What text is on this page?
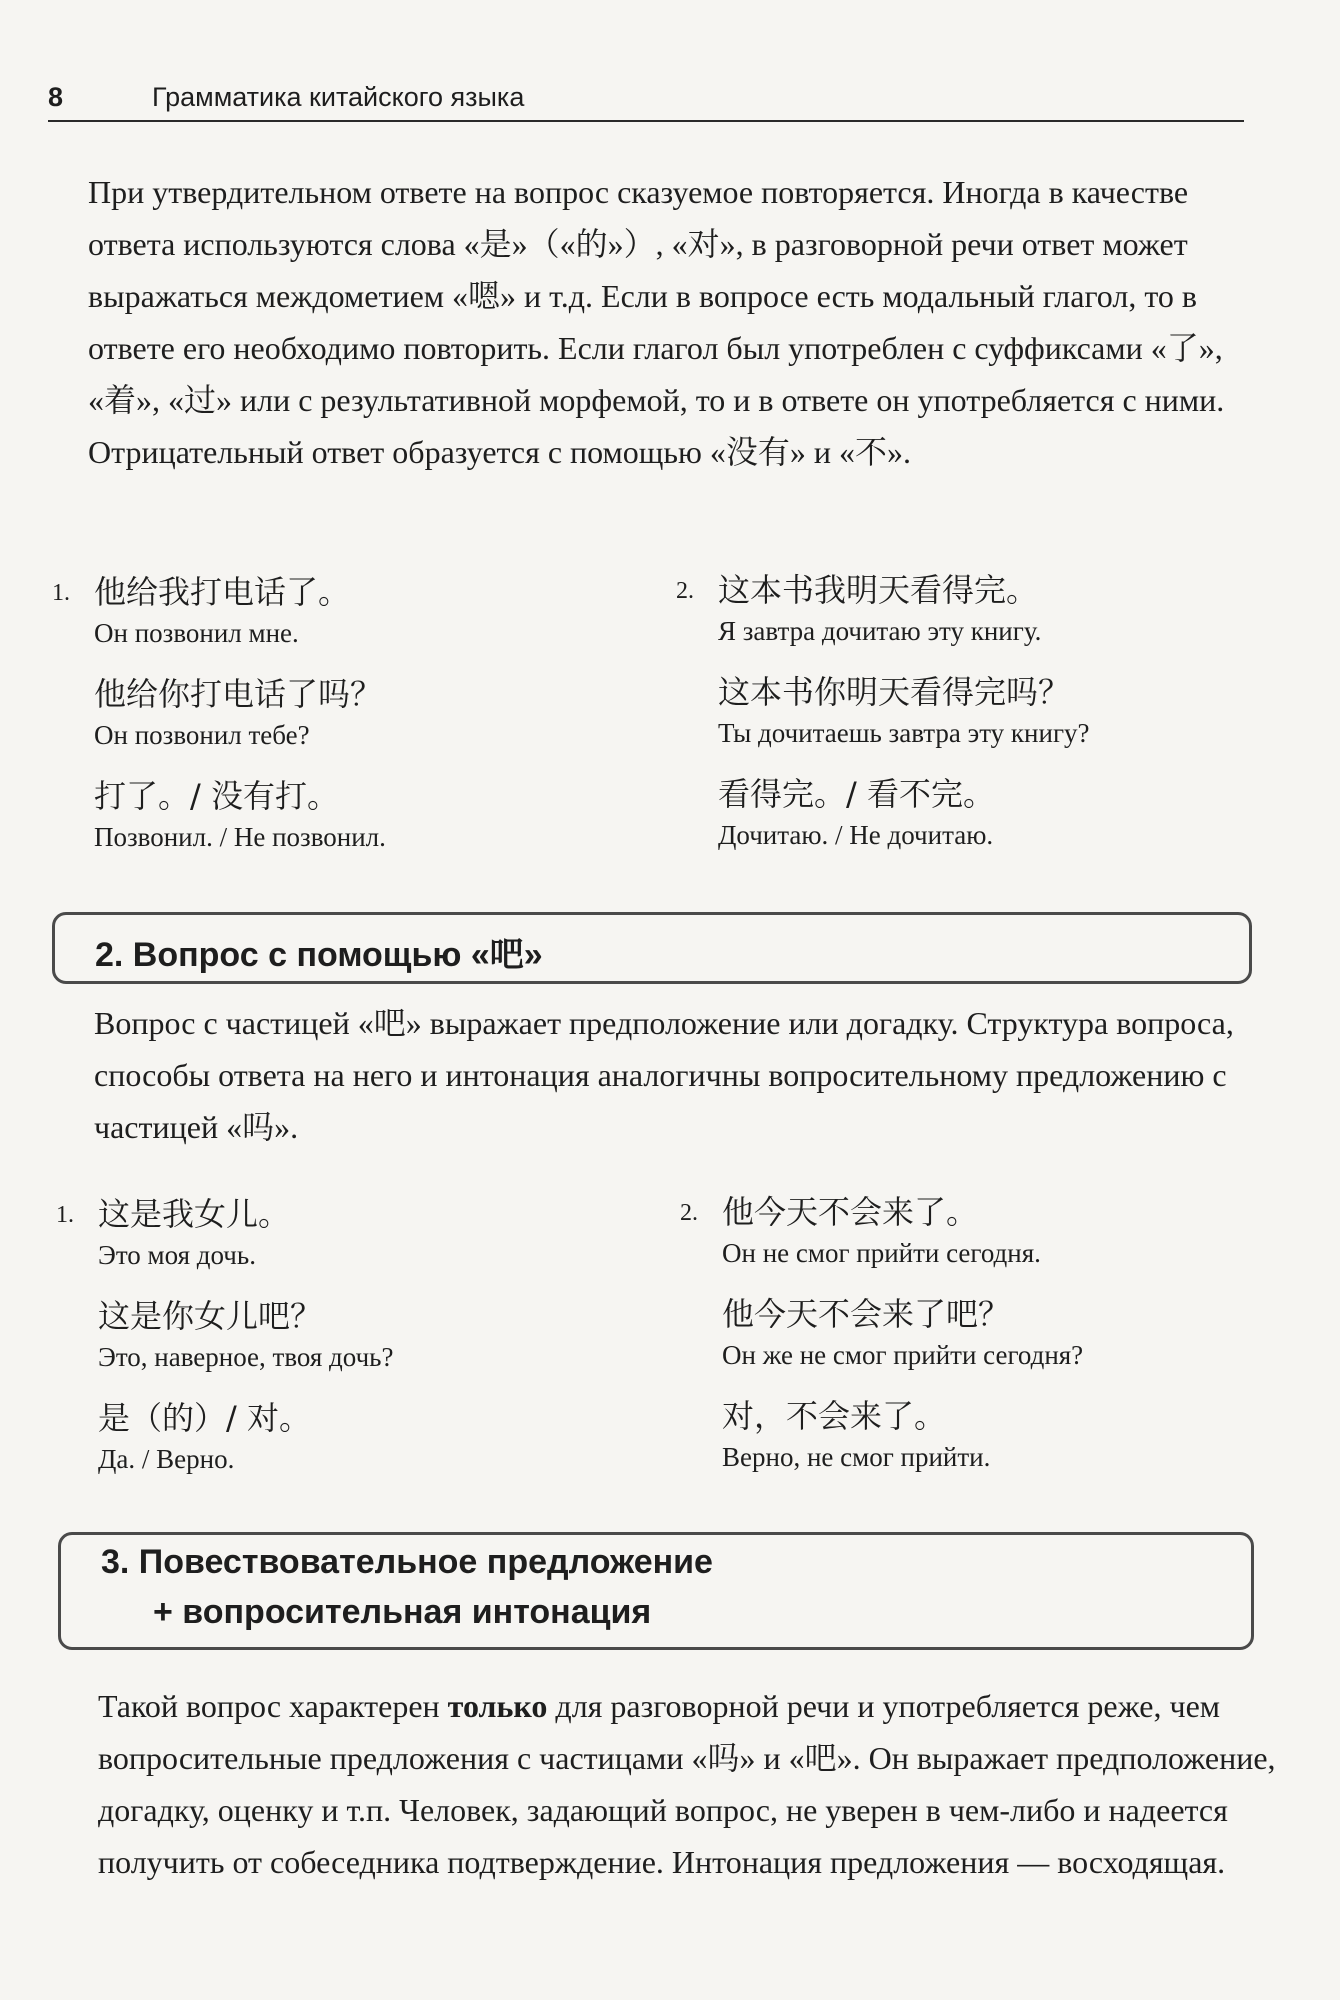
8	Грамматика китайского языка

При утвердительном ответе на вопрос сказуемое повторяется. Иногда в качестве ответа используются слова «是»（«的»）, «对», в разговорной речи ответ может выражаться междометием «嗯» и т.д. Если в вопросе есть модальный глагол, то в ответе его необходимо повторить. Если глагол был употреблен с суффиксами «了», «着», «过» или с результативной морфемой, то и в ответе он употребляется с ними. Отрицательный ответ образуется с помощью «没有» и «不».

1. 他给我打电话了。
Он позвонил мне.
他给你打电话了吗？
Он позвонил тебе?
打了。/ 没有打。
Позвонил. / Не позвонил.
2. 这本书我明天看得完。
Я завтра дочитаю эту книгу.
这本书你明天看得完吗？
Ты дочитаешь завтра эту книгу?
看得完。/ 看不完。
Дочитаю. / Не дочитаю.
2. Вопрос с помощью «吧»

Вопрос с частицей «吧» выражает предположение или догадку. Структура вопроса, способы ответа на него и интонация аналогичны вопросительному предложению с частицей «吗».

1. 这是我女儿。
Это моя дочь.
这是你女儿吧？
Это, наверное, твоя дочь?
是（的）/ 对。
Да. / Верно.
2. 他今天不会来了。
Он не смог прийти сегодня.
他今天不会来了吧？
Он же не смог прийти сегодня?
对，不会来了。
Верно, не смог прийти.
3. Повествовательное предложение
+ вопросительная интонация

Такой вопрос характерен только для разговорной речи и употребляется реже, чем вопросительные предложения с частицами «吗» и «吧». Он выражает предположение, догадку, оценку и т.п. Человек, задающий вопрос, не уверен в чем-либо и надеется получить от собеседника подтверждение. Интонация предложения — восходящая.
